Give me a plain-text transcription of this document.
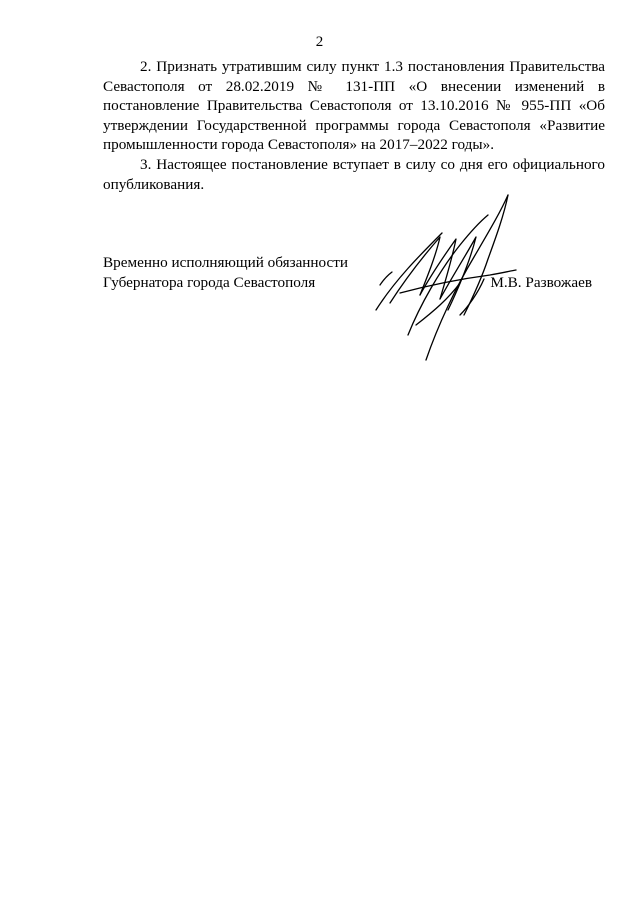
2

2. Признать утратившим силу пункт 1.3 постановления Правительства Севастополя от 28.02.2019 № 131-ПП «О внесении изменений в постановление Правительства Севастополя от 13.10.2016 № 955-ПП «Об утверждении Государственной программы города Севастополя «Развитие промышленности города Севастополя» на 2017–2022 годы».

3. Настоящее постановление вступает в силу со дня его официального опубликования.

Временно исполняющий обязанности

Губернатора города Севастополя	М.В. Развожаев
